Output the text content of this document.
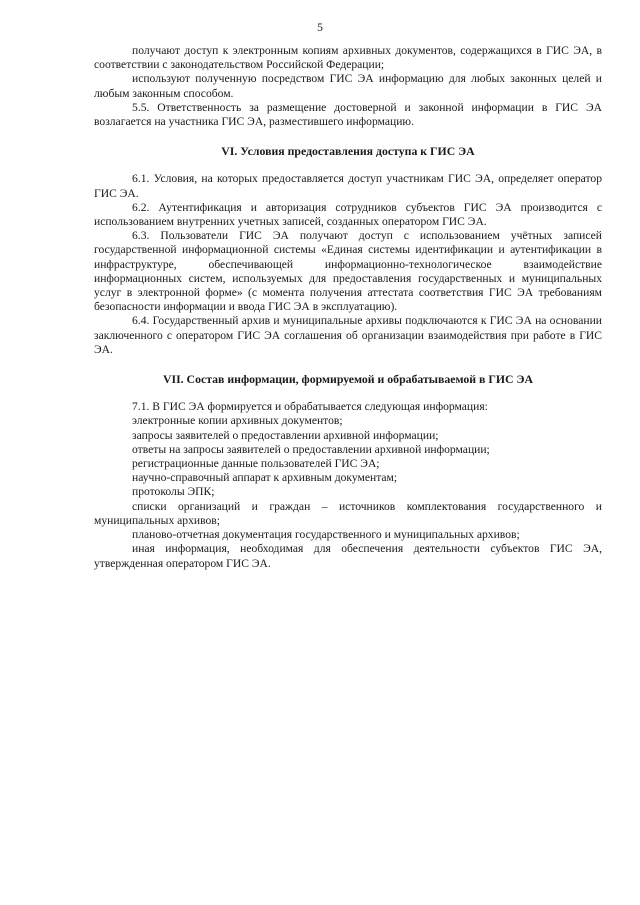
5

получают доступ к электронным копиям архивных документов, содержащихся в ГИС ЭА, в соответствии с законодательством Российской Федерации;

используют полученную посредством ГИС ЭА информацию для любых законных целей и любым законным способом.

5.5. Ответственность за размещение достоверной и законной информации в ГИС ЭА возлагается на участника ГИС ЭА, разместившего информацию.

VI. Условия предоставления доступа к ГИС ЭА

6.1. Условия, на которых предоставляется доступ участникам ГИС ЭА, определяет оператор ГИС ЭА.

6.2. Аутентификация и авторизация сотрудников субъектов ГИС ЭА производится с использованием внутренних учетных записей, созданных оператором ГИС ЭА.

6.3. Пользователи ГИС ЭА получают доступ с использованием учётных записей государственной информационной системы «Единая системы идентификации и аутентификации в инфраструктуре, обеспечивающей информационно-технологическое взаимодействие информационных систем, используемых для предоставления государственных и муниципальных услуг в электронной форме» (с момента получения аттестата соответствия ГИС ЭА требованиям безопасности информации и ввода ГИС ЭА в эксплуатацию).

6.4. Государственный архив и муниципальные архивы подключаются к ГИС ЭА на основании заключенного с оператором ГИС ЭА соглашения об организации взаимодействия при работе в ГИС ЭА.

VII. Состав информации, формируемой и обрабатываемой в ГИС ЭА

7.1. В ГИС ЭА формируется и обрабатывается следующая информация:

электронные копии архивных документов;

запросы заявителей о предоставлении архивной информации;

ответы на запросы заявителей о предоставлении архивной информации;

регистрационные данные пользователей ГИС ЭА;

научно-справочный аппарат к архивным документам;

протоколы ЭПК;

списки организаций и граждан – источников комплектования государственного и муниципальных архивов;

планово-отчетная документация государственного и муниципальных архивов;

иная информация, необходимая для обеспечения деятельности субъектов ГИС ЭА, утвержденная оператором ГИС ЭА.
